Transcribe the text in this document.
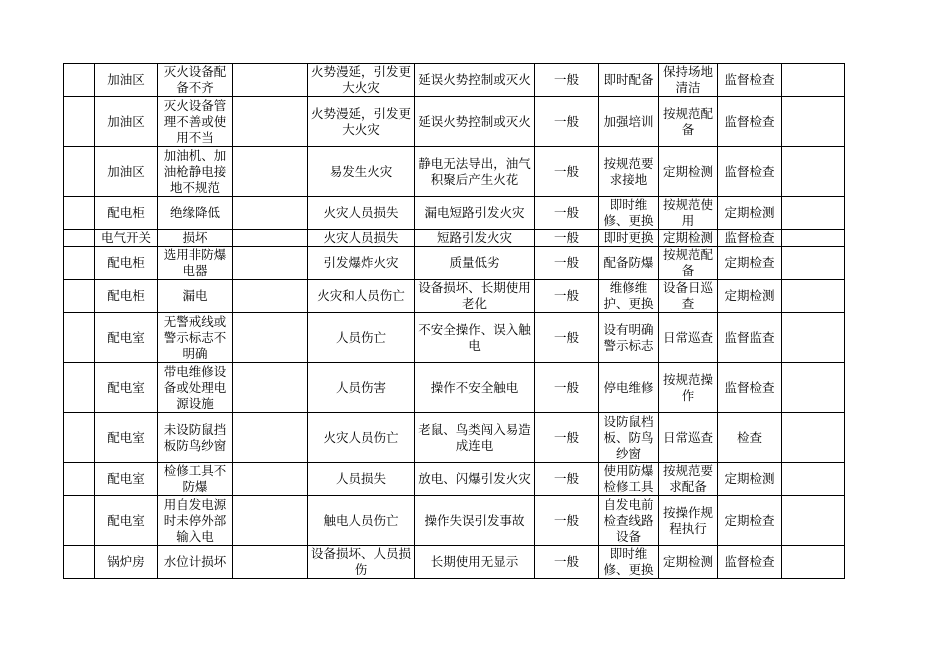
	加油区	灭火设备配备不齐		火势漫延，引发更大火灾	延误火势控制或灭火	一般	即时配备	保持场地清洁	监督检查	
	加油区	灭火设备管理不善或使用不当		火势漫延，引发更大火灾	延误火势控制或灭火	一般	加强培训	按规范配备	监督检查	
	加油区	加油机、加油枪静电接地不规范		易发生火灾	静电无法导出，油气积聚后产生火花	一般	按规范要求接地	定期检测	监督检查	
	配电柜	绝缘降低		火灾人员损失	漏电短路引发火灾	一般	即时维修、更换	按规范使用	定期检测	
	电气开关	损坏		火灾人员损失	短路引发火灾	一般	即时更换	定期检测	监督检查	
	配电柜	选用非防爆电器		引发爆炸火灾	质量低劣	一般	配备防爆	按规范配备	定期检查	
	配电柜	漏电		火灾和人员伤亡	设备损坏、长期使用老化	一般	维修维护、更换	设备日巡查	定期检测	
	配电室	无警戒线或警示标志不明确		人员伤亡	不安全操作、误入触电	一般	设有明确警示标志	日常巡查	监督监查	
	配电室	带电维修设备或处理电源设施		人员伤害	操作不安全触电	一般	停电维修	按规范操作	监督检查	
	配电室	未设防鼠挡板防鸟纱窗		火灾人员伤亡	老鼠、鸟类闯入易造成连电	一般	设防鼠档板、防鸟纱窗	日常巡查	检查	
	配电室	检修工具不防爆		人员损失	放电、闪爆引发火灾	一般	使用防爆检修工具	按规范要求配备	定期检测	
	配电室	用自发电源时未停外部输入电		触电人员伤亡	操作失误引发事故	一般	自发电前检查线路设备	按操作规程执行	定期检查	
	锅炉房	水位计损坏		设备损坏、人员损伤	长期使用无显示	一般	即时维修、更换	定期检测	监督检查	
